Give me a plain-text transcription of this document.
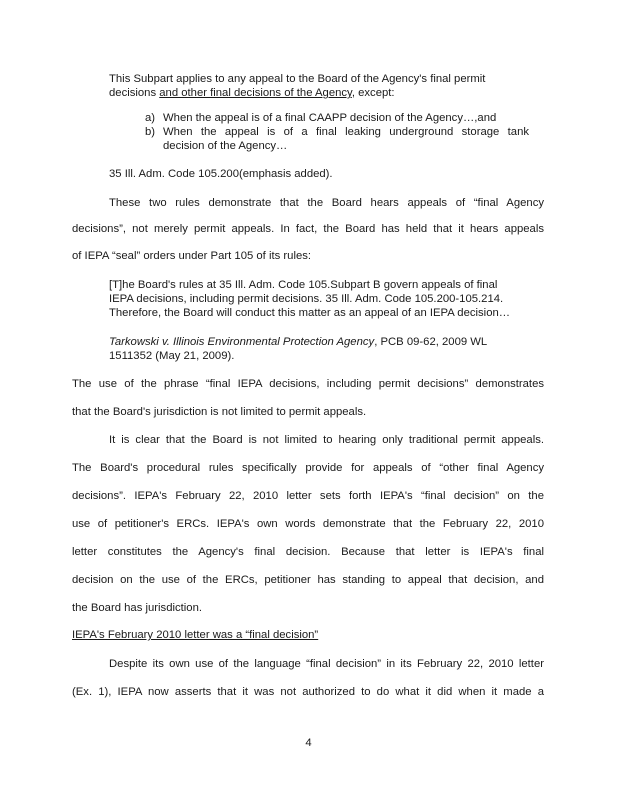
This Subpart applies to any appeal to the Board of the Agency's final permit
decisions and other final decisions of the Agency, except:
a) When the appeal is of a final CAAPP decision of the Agency…,and
b) When the appeal is of a final leaking underground storage tank
decision of the Agency…
35 Ill. Adm. Code 105.200(emphasis added).
These two rules demonstrate that the Board hears appeals of “final Agency
decisions”, not merely permit appeals. In fact, the Board has held that it hears appeals
of IEPA “seal” orders under Part 105 of its rules:
[T]he Board's rules at 35 Ill. Adm. Code 105.Subpart B govern appeals of final
IEPA decisions, including permit decisions. 35 Ill. Adm. Code 105.200-105.214.
Therefore, the Board will conduct this matter as an appeal of an IEPA decision…
Tarkowski v. Illinois Environmental Protection Agency, PCB 09-62, 2009 WL
1511352 (May 21, 2009).
The use of the phrase “final IEPA decisions, including permit decisions” demonstrates
that the Board's jurisdiction is not limited to permit appeals.
It is clear that the Board is not limited to hearing only traditional permit appeals.
The Board's procedural rules specifically provide for appeals of “other final Agency
decisions”. IEPA's February 22, 2010 letter sets forth IEPA's “final decision” on the
use of petitioner's ERCs. IEPA's own words demonstrate that the February 22, 2010
letter constitutes the Agency's final decision. Because that letter is IEPA's final
decision on the use of the ERCs, petitioner has standing to appeal that decision, and
the Board has jurisdiction.
IEPA's February 2010 letter was a “final decision”
Despite its own use of the language “final decision” in its February 22, 2010 letter
(Ex. 1), IEPA now asserts that it was not authorized to do what it did when it made a
4
